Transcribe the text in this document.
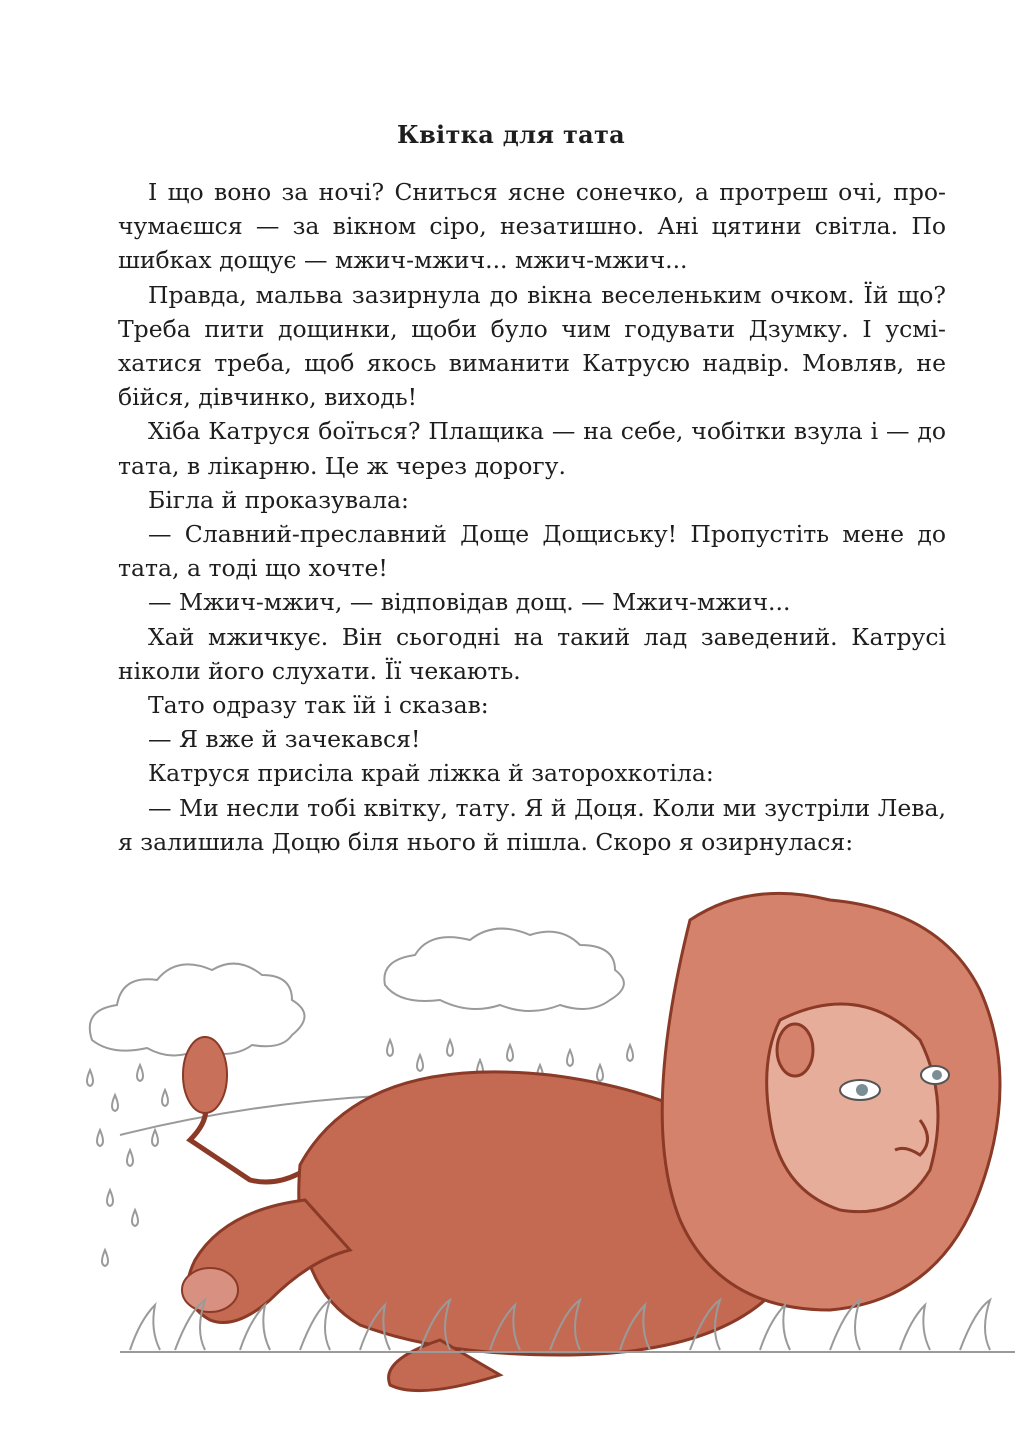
Квітка для тата

І що воно за ночі? Сниться ясне сонечко, а протреш очі, прочумаєшся — за вікном сіро, незатишно. Ані цятини світла. По шибках дощує — мжич-мжич... мжич-мжич...

Правда, мальва зазирнула до вікна веселеньким очком. Їй що? Треба пити дощинки, щоби було чим годувати Дзумку. І усміхатися треба, щоб якось виманити Катрусю надвір. Мовляв, не бійся, дівчинко, виходь!

Хіба Катруся боїться? Плащика — на себе, чобітки взула і — до тата, в лікарню. Це ж через дорогу.

Бігла й проказувала:

— Славний-преславний Доще Дощиську! Пропустіть мене до тата, а тоді що хочте!

— Мжич-мжич, — відповідав дощ. — Мжич-мжич...

Хай мжичкує. Він сьогодні на такий лад заведений. Катрусі ніколи його слухати. Її чекають.

Тато одразу так їй і сказав:

— Я вже й зачекався!

Катруся присіла край ліжка й заторохкотіла:

— Ми несли тобі квітку, тату. Я й Доця. Коли ми зустріли Лева, я залишила Доцю біля нього й пішла. Скоро я озирнулася:
